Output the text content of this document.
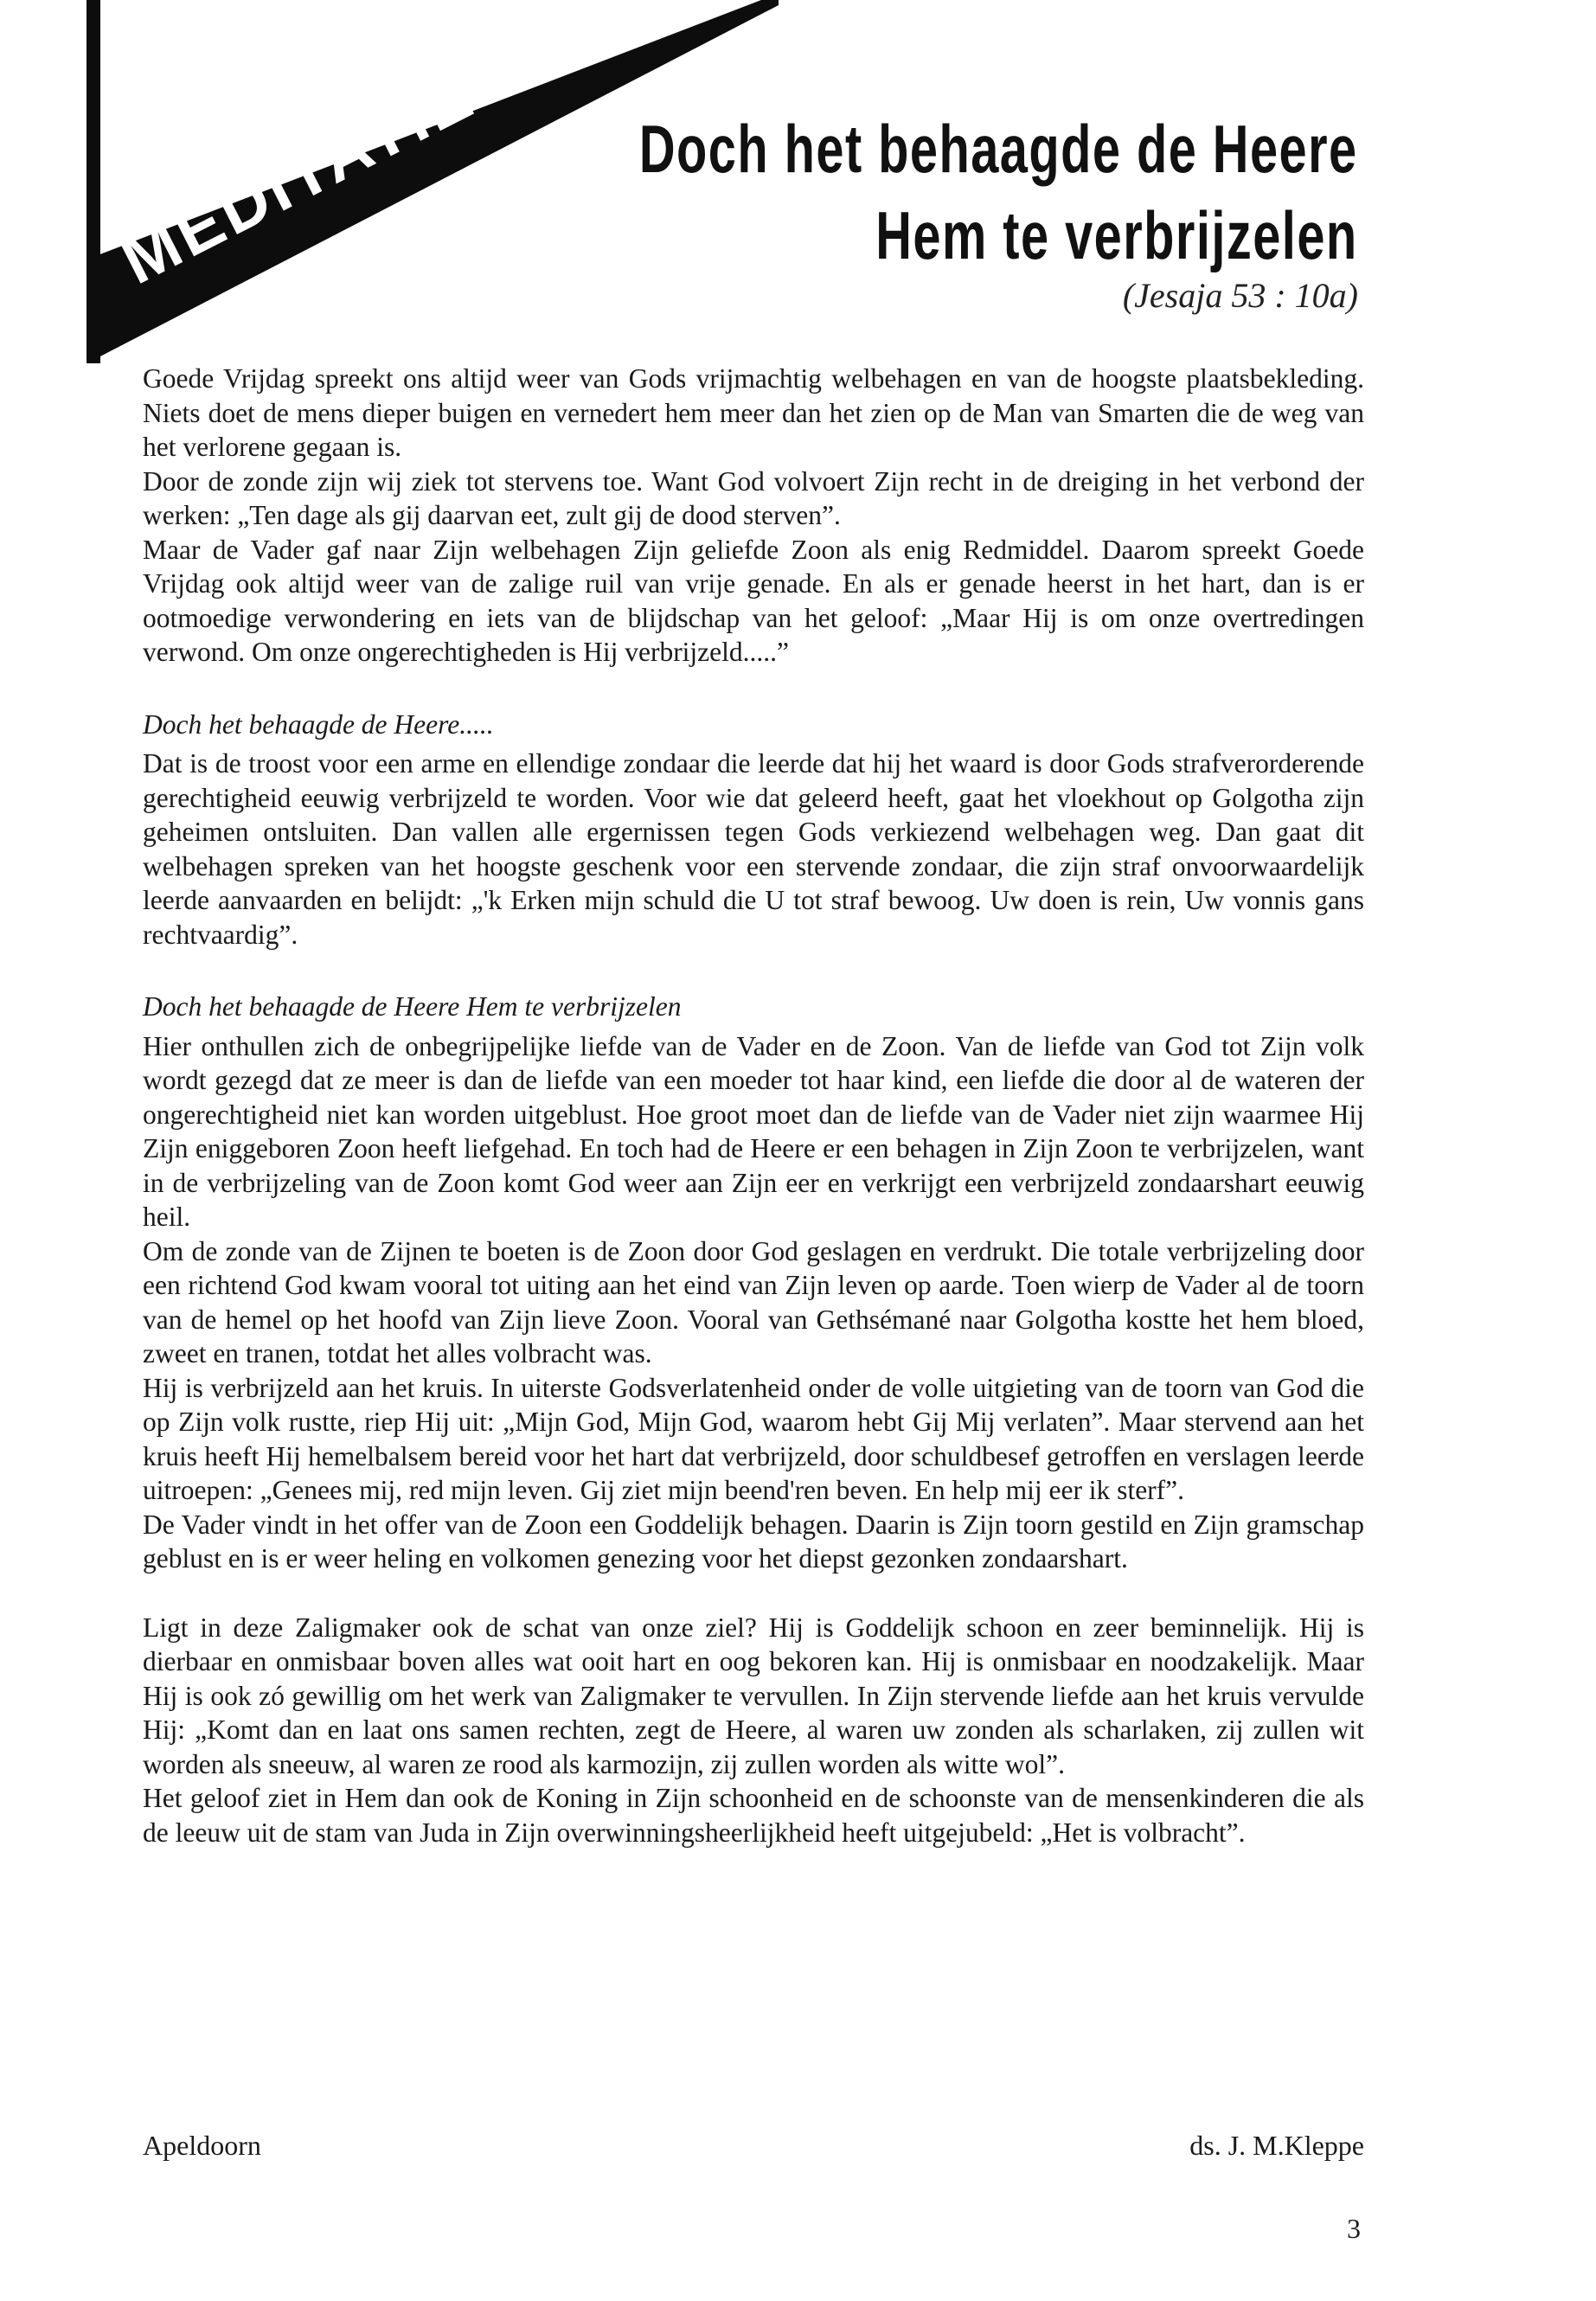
MEDITATIE Doch het behaagde de Heere
Hem te verbrijzelen
(Jesaja 53 : 10a)

Goede Vrijdag spreekt ons altijd weer van Gods vrijmachtig welbehagen en van de hoogste plaatsbekleding. Niets doet de mens dieper buigen en vernedert hem meer dan het zien op de Man van Smarten die de weg van het verlorene gegaan is.

Door de zonde zijn wij ziek tot stervens toe. Want God volvoert Zijn recht in de dreiging in het verbond der werken: „Ten dage als gij daarvan eet, zult gij de dood sterven”.

Maar de Vader gaf naar Zijn welbehagen Zijn geliefde Zoon als enig Redmiddel. Daarom spreekt Goede Vrijdag ook altijd weer van de zalige ruil van vrije genade. En als er genade heerst in het hart, dan is er ootmoedige verwondering en iets van de blijdschap van het geloof: „Maar Hij is om onze overtredingen verwond. Om onze ongerechtigheden is Hij verbrijzeld.....”

Doch het behaagde de Heere.....

Dat is de troost voor een arme en ellendige zondaar die leerde dat hij het waard is door Gods strafverorderende gerechtigheid eeuwig verbrijzeld te worden. Voor wie dat geleerd heeft, gaat het vloekhout op Golgotha zijn geheimen ontsluiten. Dan vallen alle ergernissen tegen Gods verkiezend welbehagen weg. Dan gaat dit welbehagen spreken van het hoogste geschenk voor een stervende zondaar, die zijn straf onvoorwaardelijk leerde aanvaarden en belijdt: „'k Erken mijn schuld die U tot straf bewoog. Uw doen is rein, Uw vonnis gans rechtvaardig”.

Doch het behaagde de Heere Hem te verbrijzelen

Hier onthullen zich de onbegrijpelijke liefde van de Vader en de Zoon. Van de liefde van God tot Zijn volk wordt gezegd dat ze meer is dan de liefde van een moeder tot haar kind, een liefde die door al de wateren der ongerechtigheid niet kan worden uitgeblust. Hoe groot moet dan de liefde van de Vader niet zijn waarmee Hij Zijn eniggeboren Zoon heeft liefgehad. En toch had de Heere er een behagen in Zijn Zoon te verbrijzelen, want in de verbrijzeling van de Zoon komt God weer aan Zijn eer en verkrijgt een verbrijzeld zondaarshart eeuwig heil.

Om de zonde van de Zijnen te boeten is de Zoon door God geslagen en verdrukt. Die totale verbrijzeling door een richtend God kwam vooral tot uiting aan het eind van Zijn leven op aarde. Toen wierp de Vader al de toorn van de hemel op het hoofd van Zijn lieve Zoon. Vooral van Gethsémané naar Golgotha kostte het hem bloed, zweet en tranen, totdat het alles volbracht was.

Hij is verbrijzeld aan het kruis. In uiterste Godsverlatenheid onder de volle uitgieting van de toorn van God die op Zijn volk rustte, riep Hij uit: „Mijn God, Mijn God, waarom hebt Gij Mij verlaten”. Maar stervend aan het kruis heeft Hij hemelbalsem bereid voor het hart dat verbrijzeld, door schuldbesef getroffen en verslagen leerde uitroepen: „Genees mij, red mijn leven. Gij ziet mijn beend'ren beven. En help mij eer ik sterf”.

De Vader vindt in het offer van de Zoon een Goddelijk behagen. Daarin is Zijn toorn gestild en Zijn gramschap geblust en is er weer heling en volkomen genezing voor het diepst gezonken zondaarshart.

Ligt in deze Zaligmaker ook de schat van onze ziel? Hij is Goddelijk schoon en zeer beminnelijk. Hij is dierbaar en onmisbaar boven alles wat ooit hart en oog bekoren kan. Hij is onmisbaar en noodzakelijk. Maar Hij is ook zó gewillig om het werk van Zaligmaker te vervullen. In Zijn stervende liefde aan het kruis vervulde Hij: „Komt dan en laat ons samen rechten, zegt de Heere, al waren uw zonden als scharlaken, zij zullen wit worden als sneeuw, al waren ze rood als karmozijn, zij zullen worden als witte wol”.

Het geloof ziet in Hem dan ook de Koning in Zijn schoonheid en de schoonste van de mensenkinderen die als de leeuw uit de stam van Juda in Zijn overwinningsheerlijkheid heeft uitgejubeld: „Het is volbracht”.

Apeldoorn	ds. J. M.Kleppe
3
